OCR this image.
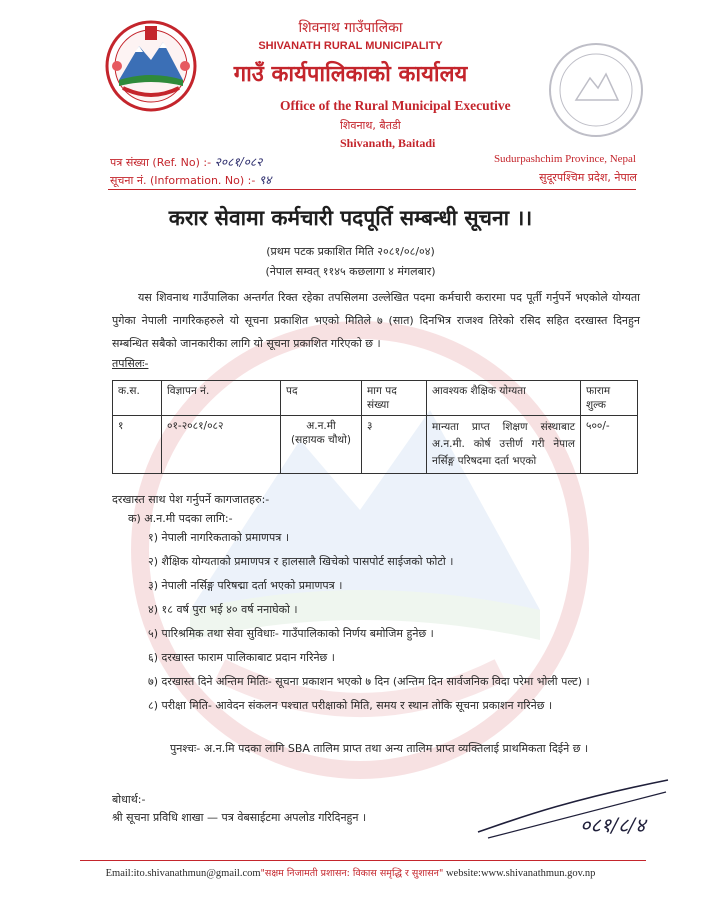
शिवनाथ गाउँपालिका
SHIVANATH RURAL MUNICIPALITY
गाउँ कार्यपालिकाको कार्यालय
Office of the Rural Municipal Executive
शिवनाथ, बैतडी
Shivanath, Baitadi
पत्र संख्या (Ref. No) :- २०८१/०८२
सूचना नं. (Information. No) :- ९४
Sudurpashchim Province, Nepal
सुदूरपश्चिम प्रदेश, नेपाल
करार सेवामा कर्मचारी पदपूर्ति सम्बन्धी सूचना ।।
(प्रथम पटक प्रकाशित मिति २०८१/०८/०४)
(नेपाल सम्वत् ११४५ कछलागा ४ मंगलबार)
यस शिवनाथ गाउँपालिका अन्तर्गत रिक्त रहेका तपसिलमा उल्लेखित पदमा कर्मचारी करारमा पद पूर्ती गर्नुपर्ने भएकोले योग्यता पुगेका नेपाली नागरिकहरुले यो सूचना प्रकाशित भएको मितिले ७ (सात) दिनभित्र राजश्व तिरेको रसिद सहित दरखास्त दिनहुन सम्बन्धित सबैको जानकारीका लागि यो सूचना प्रकाशित गरिएको छ ।
तपसिलः-
क.स.	विज्ञापन नं.	पद	माग पद संख्या	आवश्यक शैक्षिक योग्यता	फाराम शुल्क
१	०१-२०८१/०८२	अ.न.मी
(सहायक चौथो)	३	मान्यता प्राप्त शिक्षण संस्थाबाट अ.न.मी. कोर्ष उत्तीर्ण गरी नेपाल नर्सिङ्ग परिषदमा दर्ता भएको	५००/-
दरखास्त साथ पेश गर्नुपर्ने कागजातहरु:-
क) अ.न.मी पदका लागि:-
१) नेपाली नागरिकताको प्रमाणपत्र ।
२) शैक्षिक योग्यताको प्रमाणपत्र र हालसालै खिचेको पासपोर्ट साईजको फोटो ।
३) नेपाली नर्सिङ्ग परिषद्मा दर्ता भएको प्रमाणपत्र ।
४) १८ वर्ष पुरा भई ४० वर्ष ननाघेको ।
५) पारिश्रमिक तथा सेवा सुविधाः- गाउँपालिकाको निर्णय बमोजिम हुनेछ ।
६) दरखास्त फाराम पालिकाबाट प्रदान गरिनेछ ।
७) दरखास्त दिने अन्तिम मितिः- सूचना प्रकाशन भएको ७ दिन (अन्तिम दिन सार्वजनिक विदा परेमा भोली पल्ट) ।
८) परीक्षा मिति- आवेदन संकलन पश्चात परीक्षाको मिति, समय र स्थान तोकि सूचना प्रकाशन गरिनेछ ।
पुनश्चः- अ.न.मि पदका लागि SBA तालिम प्राप्त तथा अन्य तालिम प्राप्त व्यक्तिलाई प्राथमिकता दिईने छ ।
बोधार्थ:-
श्री सूचना प्रविधि शाखा — पत्र वेबसाईटमा अपलोड गरिदिनहुन ।	०८१/८/४
Email:ito.shivanathmun@gmail.com"सक्षम निजामती प्रशासन: विकास समृद्धि र सुशासन" website:www.shivanathmun.gov.np
